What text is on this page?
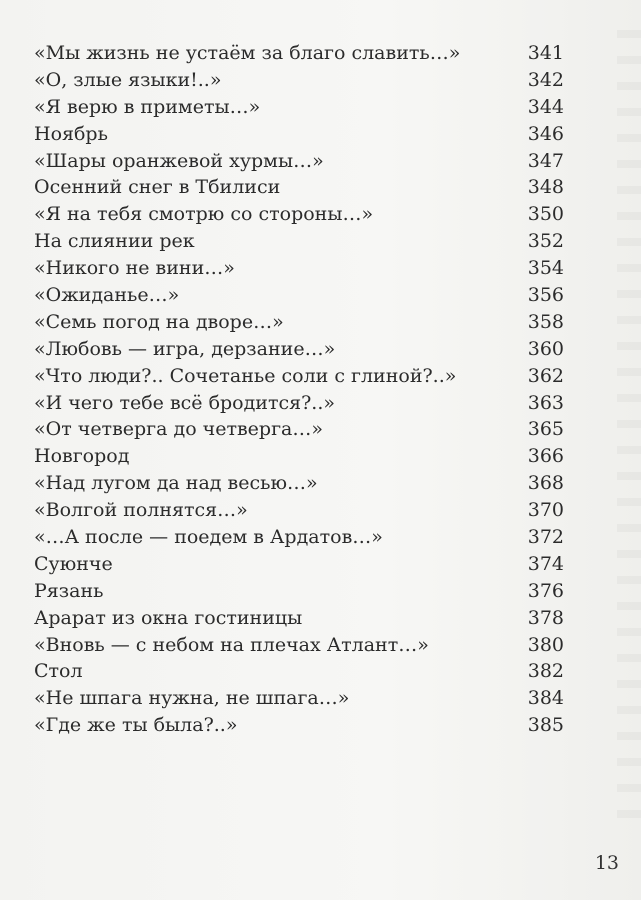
«Мы жизнь не устаём за благо славить…»	341
«О, злые языки!..»	342
«Я верю в приметы…»	344
Ноябрь	346
«Шары оранжевой хурмы…»	347
Осенний снег в Тбилиси	348
«Я на тебя смотрю со стороны…»	350
На слиянии рек	352
«Никого не вини…»	354
«Ожиданье…»	356
«Семь погод на дворе…»	358
«Любовь — игра, дерзание…»	360
«Что люди?.. Сочетанье соли с глиной?..»	362
«И чего тебе всё бродится?..»	363
«От четверга до четверга…»	365
Новгород	366
«Над лугом да над весью…»	368
«Волгой полнятся…»	370
«…А после — поедем в Ардатов…»	372
Суюнче	374
Рязань	376
Арарат из окна гостиницы	378
«Вновь — с небом на плечах Атлант…»	380
Стол	382
«Не шпага нужна, не шпага…»	384
«Где же ты была?..»	385
13
